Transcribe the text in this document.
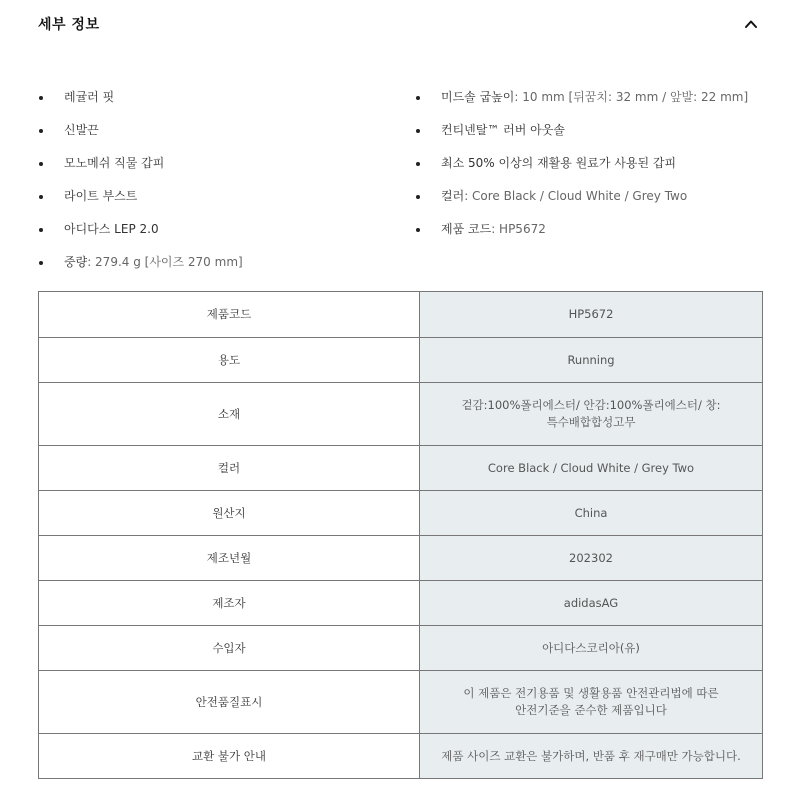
세부 정보
레귤러 핏
신발끈
모노메쉬 직물 갑피
라이트 부스트
아디다스 LEP 2.0
중량: 279.4 g [사이즈 270 mm]
미드솔 굽높이: 10 mm [뒤꿈치: 32 mm / 앞발: 22 mm]
컨티넨탈™ 러버 아웃솔
최소 50% 이상의 재활용 원료가 사용된 갑피
컬러: Core Black / Cloud White / Grey Two
제품 코드: HP5672
제품코드	HP5672
용도	Running
소재	겉감:100%폴리에스터/ 안감:100%폴리에스터/ 창:
특수배합합성고무
컬러	Core Black / Cloud White / Grey Two
원산지	China
제조년월	202302
제조자	adidasAG
수입자	아디다스코리아(유)
안전품질표시	이 제품은 전기용품 및 생활용품 안전관리법에 따른
안전기준을 준수한 제품입니다
교환 불가 안내	제품 사이즈 교환은 불가하며, 반품 후 재구매만 가능합니다.
